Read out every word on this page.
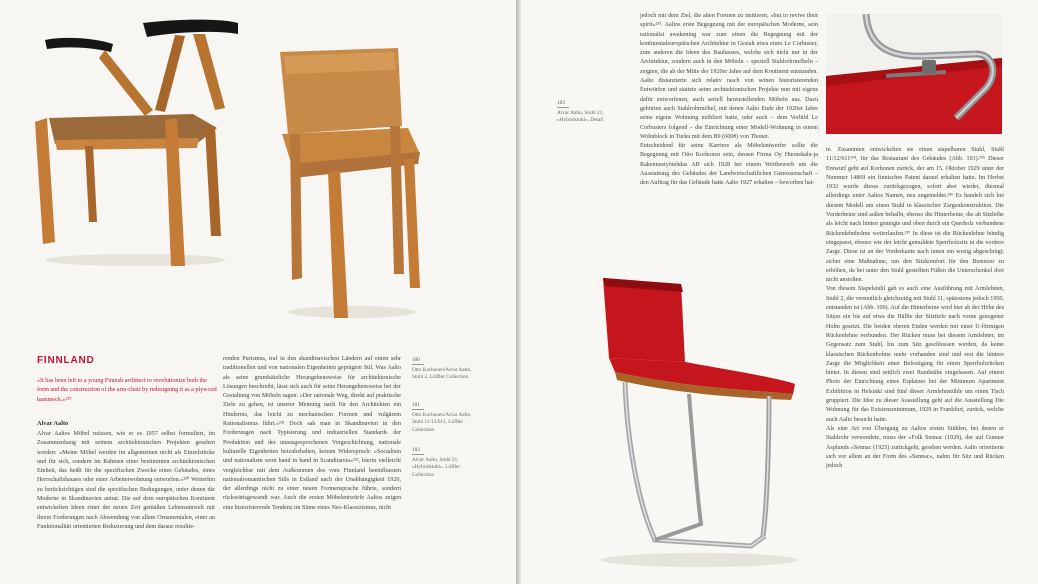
FINNLAND
»It has been left to a young Finnish architect to revolutionize both the form and the construction of the arm-chair by redesigning it as a plywood hammock.«²²⁹
Alvar Aalto

Alvar Aaltos Möbel müssen, wie er es 1957 selbst formuliert, im Zusammenhang mit seinem architektonischen Projekten gesehen werden: »Meine Möbel werden im allgemeinen nicht als Einzelstücke und für sich, sondern im Rahmen einer bestimmten architektonischen Einheit, das heißt für die spezifischen Zwecke eines Gebäudes, eines Herrschaftshauses oder einer Arbeiterwohnung entworfen.«²³⁰ Weiterhin zu berücksichtigen sind die spezifischen Bedingungen, unter denen die Moderne in Skandinavien antrat. Die auf dem europäischen Kontinent entwickelten Ideen einer der neuen Zeit gemäßen Lebensumwelt mit ihrem Forderungen nach Abwendung von allem Ornamentalen, einer an Funktionalität orientierten Reduzierung und dem daraus resultie-

renden Purismus, traf in den skandinavischen Ländern auf einen sehr traditionellen und von nationalen Eigenheiten geprägten Stil. Was Aalto als seine grundsätzliche Herangehensweise für architektonische Lösungen beschreibt, lässt sich auch für seine Herangehensweise bei der Gestaltung von Möbeln sagen: »Der rationale Weg, direkt auf praktische Ziele zu gehen, ist unserer Meinung nach für den Architekten ein Hindernis, das leicht zu mechanischen Formen und vulgärem Rationalismus führt.«²³¹ Doch sah man in Skandinavien in den Forderungen nach Typisierung und industriellen Standards der Produktion und der unausgesprochenen Vorgeschichtung, nationale kulturelle Eigenheiten beizubehalten, keinen Widerspruch: »Socialism und nationalism went hand in hand in Scandinavia«²³², hierin vielleicht vergleichbar mit dem Aufkommen des vom Finnland beeinflussten nationalromantischen Stils in Estland nach der Unabhängigkeit 1920, der allerdings nicht zu einer neuen Formensprache führte, sondern rückwärtsgewandt war. Auch die ersten Möbelentwürfe Aaltos zeigen eine historisierende Tendenz im Sinne eines Neo-Klassizismus, nicht

100
Otto Korhonen/Alvar Aalto, Stuhl 2, Löffler Collection
101
Otto Korhonen/Alvar Aalto, Stuhl 11/12/611, Löffler Collection
102
Alvar Aalto, Stuhl 21, »Hybridstuhl«, Löffler Collection
103
Alvar Aalto, Stuhl 21, »Hybridstuhl«, Detail

jedoch mit dem Ziel, die alten Formen zu imitieren, »but to revive their spirit«²³³. Aaltos erste Begegnung mit der europäischen Moderne, sein rationalist awakening war zum einen die Begegnung mit der kontinentaleuropäischen Architektur in Gestalt etwa eines Le Corbusier, zum anderen die Ideen des Bauhauses, welche sich nicht nur in der Architektur, sondern auch in den Möbeln – speziell Stahlrohrmöbeln – zeigten, die ab der Mitte der 1920er Jahre auf dem Kontinent entstanden. Aalto distanzierte sich relativ rasch von seinen historisierenden Entwürfen und stattete seine architektonischen Projekte nun mit eigens dafür entworfenen, auch seriell herzustellenden Möbeln aus. Dazu gehörten auch Stahlrohrmöbel, mit denen Aalto Ende der 1920er Jahre seine eigene Wohnung möbliert hatte, oder auch – dem Verbild Le Corbusiers folgend – die Einrichtung einer Modell-Wohnung in einem Wohnblock in Turku mit dem B9 (600#) von Thonet.
Entscheidend für seine Karriere als Möbelentwerfer sollte die Begegnung mit Otto Korhonen sein, dessen Firma Oy Huonekalu-ja Rakennustyötehdas AB sich 1928 bei einem Wettbewerb um die Ausstattung des Gebäudes der Landwirtschaftlichen Genossenschaft – den Auftrag für das Gebäude hatte Aalto 1927 erhalten – beworben hat-

te. Zusammen entwickelten sie einen stapelbaren Stuhl, Stuhl 11/12/611²³⁴, für das Restaurant des Gebäudes (Abb. 101).²³⁵ Dieser Entwurf geht auf Korhonen zurück, der am 15. Oktober 1929 unter der Nummer 14869 ein finnisches Patent darauf erhalten hatte. Im Herbst 1932 wurde dieses zurückgezogen, sofort aber wieder, diesmal allerdings unter Aaltos Namen, neu angemeldet.²³⁶ Es handelt sich bei diesem Modell um einen Stuhl in klassischer Zargenkonstruktion. Die Vorderbeine sind außen behalbt, ebenso die Hinterbeine, die ab Sitzhöhe als leicht nach hinten geneigte und oben durch ein Querholz verbundene Rückenlehnholme weiterlaufen.²³⁷ In diese ist die Rückenlehne bündig eingepasst, ebenso wie der leicht gemuldete Sperrholzsitz in die vordere Zarge. Diese ist an der Vorderkante nach innen ein wenig abgeschrägt; sicher eine Maßnahme, um den Sitzkomfort für den Benutzer zu erhöhen, da bei unter den Stuhl gestellten Füßen die Unterschenkel dort nicht anstoßen.
Von diesem Stapelstuhl gab es auch eine Ausführung mit Armlehnen, Stuhl 2, die vermutlich gleichzeitig mit Stuhl 11, spätestens jedoch 1950, entstanden ist (Abb. 100). Auf die Hinterbeine wird hier ab der Höhe des Sitzes ein bis auf etwa die Hälfte der Sitztiefe nach vorne gezogener Holm gesetzt. Die beiden oberen Enden werden mit einer U-förmigen Rückenlehne verbunden. Der Rücken muss bei diesem Armlehner, im Gegensatz zum Stuhl, bis zum Sitz geschlossen werden, da keine klassischen Rückenholme mehr vorhanden sind und erst die hintere Zarge die Möglichkeit einer Befestigung für einen Sperrholzrücken bietet. In diesen sind seitlich zwei Randstäbe eingelassen. Auf einem Photo der Einrichtung eines Esplatzes bei der Minimum Apartment Exhibition in Helsinki sind fünf dieser Armlehnstühle um einen Tisch gruppiert. Die Idee zu dieser Ausstellung geht auf die Ausstellung Die Wohnung für das Existenzminimum, 1929 in Frankfurt, zurück, welche auch Aalto besucht hatte.
Als eine Art von Übergang zu Aaltos ersten Stühlen, bei denen er Stahlrohr verwendete, muss der »Folk Sennac (1929), der auf Gunnar Asplunds »Sennac (1925) zurückgeht, gesehen werden. Aalto orientierte sich vor allem an der Form des »Sennac«, nahm für Sitz und Rücken jedoch
